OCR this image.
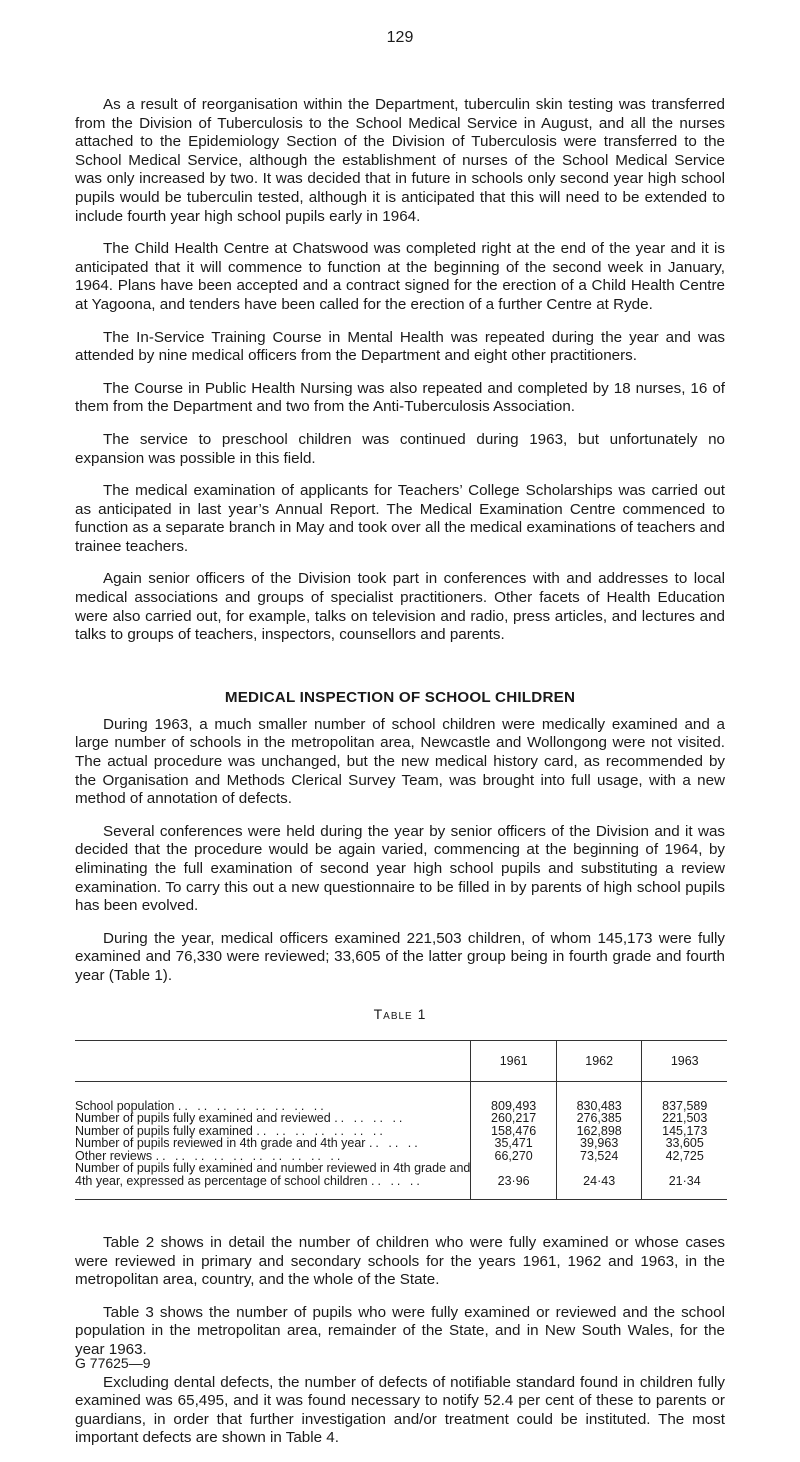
129

As a result of reorganisation within the Department, tuberculin skin testing was transferred from the Division of Tuberculosis to the School Medical Service in August, and all the nurses attached to the Epidemiology Section of the Division of Tuberculosis were transferred to the School Medical Service, although the establishment of nurses of the School Medical Service was only increased by two. It was decided that in future in schools only second year high school pupils would be tuberculin tested, although it is anticipated that this will need to be extended to include fourth year high school pupils early in 1964.

The Child Health Centre at Chatswood was completed right at the end of the year and it is anticipated that it will commence to function at the beginning of the second week in January, 1964. Plans have been accepted and a contract signed for the erection of a Child Health Centre at Yagoona, and tenders have been called for the erection of a further Centre at Ryde.

The In-Service Training Course in Mental Health was repeated during the year and was attended by nine medical officers from the Department and eight other practitioners.

The Course in Public Health Nursing was also repeated and completed by 18 nurses, 16 of them from the Department and two from the Anti-Tuberculosis Association.

The service to preschool children was continued during 1963, but unfortunately no expansion was possible in this field.

The medical examination of applicants for Teachers’ College Scholarships was carried out as anticipated in last year’s Annual Report. The Medical Examination Centre commenced to function as a separate branch in May and took over all the medical examinations of teachers and trainee teachers.

Again senior officers of the Division took part in conferences with and addresses to local medical associations and groups of specialist practitioners. Other facets of Health Education were also carried out, for example, talks on television and radio, press articles, and lectures and talks to groups of teachers, inspectors, counsellors and parents.

MEDICAL INSPECTION OF SCHOOL CHILDREN

During 1963, a much smaller number of school children were medically examined and a large number of schools in the metropolitan area, Newcastle and Wollongong were not visited. The actual procedure was unchanged, but the new medical history card, as recommended by the Organisation and Methods Clerical Survey Team, was brought into full usage, with a new method of annotation of defects.

Several conferences were held during the year by senior officers of the Division and it was decided that the procedure would be again varied, commencing at the beginning of 1964, by eliminating the full examination of second year high school pupils and substituting a review examination. To carry this out a new questionnaire to be filled in by parents of high school pupils has been evolved.

During the year, medical officers examined 221,503 children, of whom 145,173 were fully examined and 76,330 were reviewed; 33,605 of the latter group being in fourth grade and fourth year (Table 1).

Table 1
	1961	1962	1963
School population .. .. .. .. .. .. .. ..	809,493	830,483	837,589
Number of pupils fully examined and reviewed .. .. .. ..	260,217	276,385	221,503
Number of pupils fully examined .. .. .. .. .. .. ..	158,476	162,898	145,173
Number of pupils reviewed in 4th grade and 4th year .. .. ..	35,471	39,963	33,605
Other reviews .. .. .. .. .. .. .. .. .. ..	66,270	73,524	42,725
Number of pupils fully examined and number reviewed in 4th grade and			
4th year, expressed as percentage of school children .. .. ..	23·96	24·43	21·34

Table 2 shows in detail the number of children who were fully examined or whose cases were reviewed in primary and secondary schools for the years 1961, 1962 and 1963, in the metropolitan area, country, and the whole of the State.

Table 3 shows the number of pupils who were fully examined or reviewed and the school population in the metropolitan area, remainder of the State, and in New South Wales, for the year 1963.

Excluding dental defects, the number of defects of notifiable standard found in children fully examined was 65,495, and it was found necessary to notify 52.4 per cent of these to parents or guardians, in order that further investigation and/or treatment could be instituted. The most important defects are shown in Table 4.

G 77625—9
